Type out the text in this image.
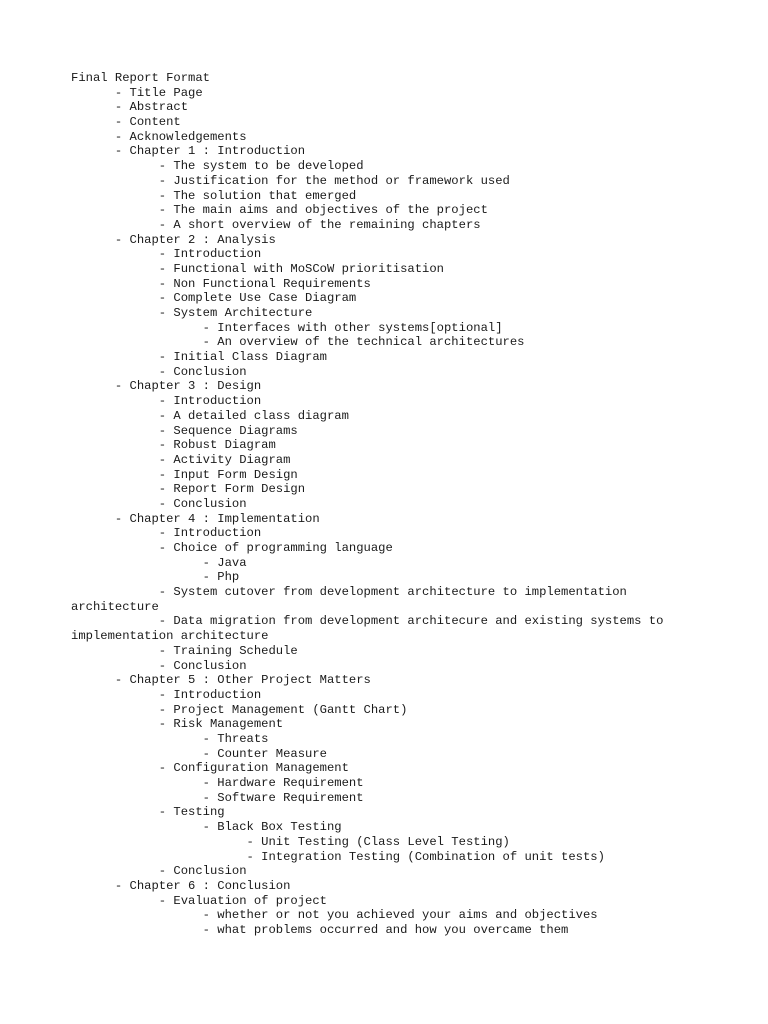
Final Report Format
- Title Page
- Abstract
- Content
- Acknowledgements
- Chapter 1 : Introduction
- The system to be developed
- Justification for the method or framework used
- The solution that emerged
- The main aims and objectives of the project
- A short overview of the remaining chapters
- Chapter 2 : Analysis
- Introduction
- Functional with MoSCoW prioritisation
- Non Functional Requirements
- Complete Use Case Diagram
- System Architecture
- Interfaces with other systems[optional]
- An overview of the technical architectures
- Initial Class Diagram
- Conclusion
- Chapter 3 : Design
- Introduction
- A detailed class diagram
- Sequence Diagrams
- Robust Diagram
- Activity Diagram
- Input Form Design
- Report Form Design
- Conclusion
- Chapter 4 : Implementation
- Introduction
- Choice of programming language
- Java
- Php
- System cutover from development architecture to implementation
architecture
- Data migration from development architecure and existing systems to
implementation architecture
- Training Schedule
- Conclusion
- Chapter 5 : Other Project Matters
- Introduction
- Project Management (Gantt Chart)
- Risk Management
- Threats
- Counter Measure
- Configuration Management
- Hardware Requirement
- Software Requirement
- Testing
- Black Box Testing
- Unit Testing (Class Level Testing)
- Integration Testing (Combination of unit tests)
- Conclusion
- Chapter 6 : Conclusion
- Evaluation of project
- whether or not you achieved your aims and objectives
- what problems occurred and how you overcame them
